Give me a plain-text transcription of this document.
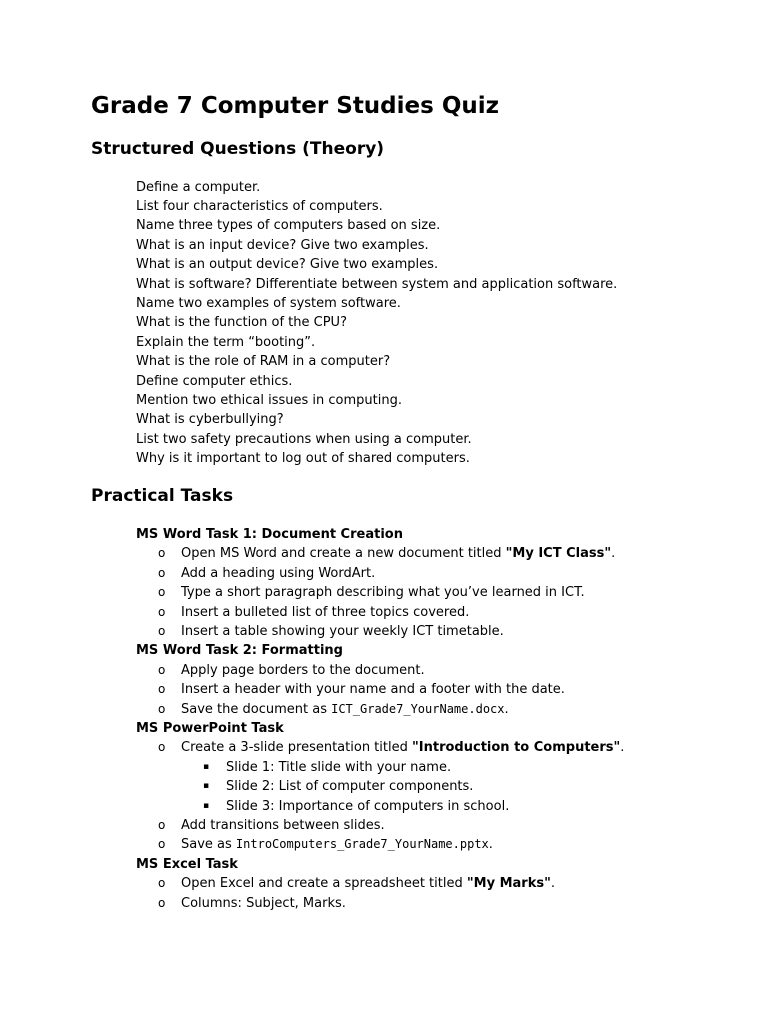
Grade 7 Computer Studies Quiz
Structured Questions (Theory)
Define a computer.
List four characteristics of computers.
Name three types of computers based on size.
What is an input device? Give two examples.
What is an output device? Give two examples.
What is software? Differentiate between system and application software.
Name two examples of system software.
What is the function of the CPU?
Explain the term “booting”.
What is the role of RAM in a computer?
Define computer ethics.
Mention two ethical issues in computing.
What is cyberbullying?
List two safety precautions when using a computer.
Why is it important to log out of shared computers.
Practical Tasks
MS Word Task 1: Document Creation
o Open MS Word and create a new document titled "My ICT Class".
o Add a heading using WordArt.
o Type a short paragraph describing what you’ve learned in ICT.
o Insert a bulleted list of three topics covered.
o Insert a table showing your weekly ICT timetable.
MS Word Task 2: Formatting
o Apply page borders to the document.
o Insert a header with your name and a footer with the date.
o Save the document as ICT_Grade7_YourName.docx.
MS PowerPoint Task
o Create a 3-slide presentation titled "Introduction to Computers".
▪ Slide 1: Title slide with your name.
▪ Slide 2: List of computer components.
▪ Slide 3: Importance of computers in school.
o Add transitions between slides.
o Save as IntroComputers_Grade7_YourName.pptx.
MS Excel Task
o Open Excel and create a spreadsheet titled "My Marks".
o Columns: Subject, Marks.
